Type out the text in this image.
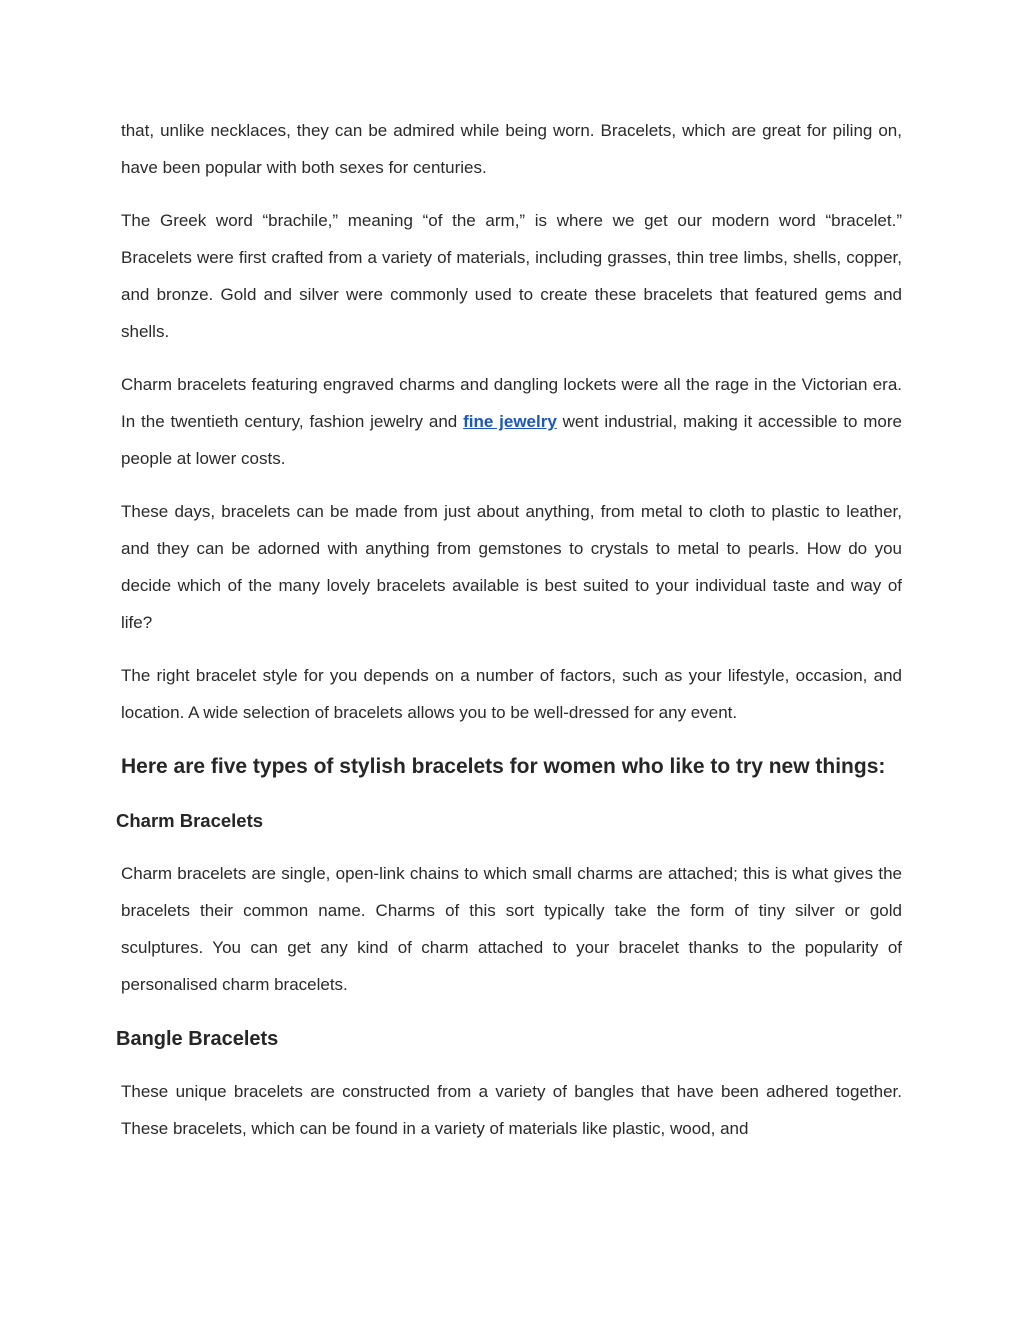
that, unlike necklaces, they can be admired while being worn. Bracelets, which are great for piling on, have been popular with both sexes for centuries.

The Greek word “brachile,” meaning “of the arm,” is where we get our modern word “bracelet.” Bracelets were first crafted from a variety of materials, including grasses, thin tree limbs, shells, copper, and bronze. Gold and silver were commonly used to create these bracelets that featured gems and shells.

Charm bracelets featuring engraved charms and dangling lockets were all the rage in the Victorian era. In the twentieth century, fashion jewelry and fine jewelry went industrial, making it accessible to more people at lower costs.

These days, bracelets can be made from just about anything, from metal to cloth to plastic to leather, and they can be adorned with anything from gemstones to crystals to metal to pearls. How do you decide which of the many lovely bracelets available is best suited to your individual taste and way of life?

The right bracelet style for you depends on a number of factors, such as your lifestyle, occasion, and location. A wide selection of bracelets allows you to be well-dressed for any event.

Here are five types of stylish bracelets for women who like to try new things:
Charm Bracelets

Charm bracelets are single, open-link chains to which small charms are attached; this is what gives the bracelets their common name. Charms of this sort typically take the form of tiny silver or gold sculptures. You can get any kind of charm attached to your bracelet thanks to the popularity of personalised charm bracelets.

Bangle Bracelets

These unique bracelets are constructed from a variety of bangles that have been adhered together. These bracelets, which can be found in a variety of materials like plastic, wood, and
